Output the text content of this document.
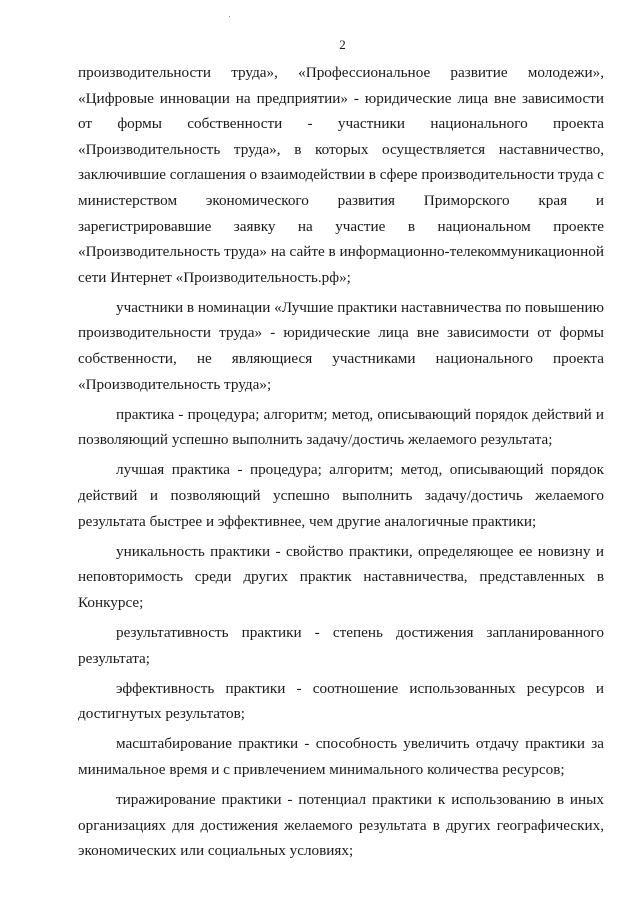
2

производительности труда», «Профессиональное развитие молодежи», «Цифровые инновации на предприятии» - юридические лица вне зависимости от формы собственности - участники национального проекта «Производительность труда», в которых осуществляется наставничество, заключившие соглашения о взаимодействии в сфере производительности труда с министерством экономического развития Приморского края и зарегистрировавшие заявку на участие в национальном проекте «Производительность труда» на сайте в информационно-телекоммуникационной сети Интернет «Производительность.рф»;

участники в номинации «Лучшие практики наставничества по повышению производительности труда» - юридические лица вне зависимости от формы собственности, не являющиеся участниками национального проекта «Производительность труда»;

практика - процедура; алгоритм; метод, описывающий порядок действий и позволяющий успешно выполнить задачу/достичь желаемого результата;

лучшая практика - процедура; алгоритм; метод, описывающий порядок действий и позволяющий успешно выполнить задачу/достичь желаемого результата быстрее и эффективнее, чем другие аналогичные практики;

уникальность практики - свойство практики, определяющее ее новизну и неповторимость среди других практик наставничества, представленных в Конкурсе;

результативность практики - степень достижения запланированного результата;

эффективность практики - соотношение использованных ресурсов и достигнутых результатов;

масштабирование практики - способность увеличить отдачу практики за минимальное время и с привлечением минимального количества ресурсов;

тиражирование практики - потенциал практики к использованию в иных организациях для достижения желаемого результата в других географических, экономических или социальных условиях;
